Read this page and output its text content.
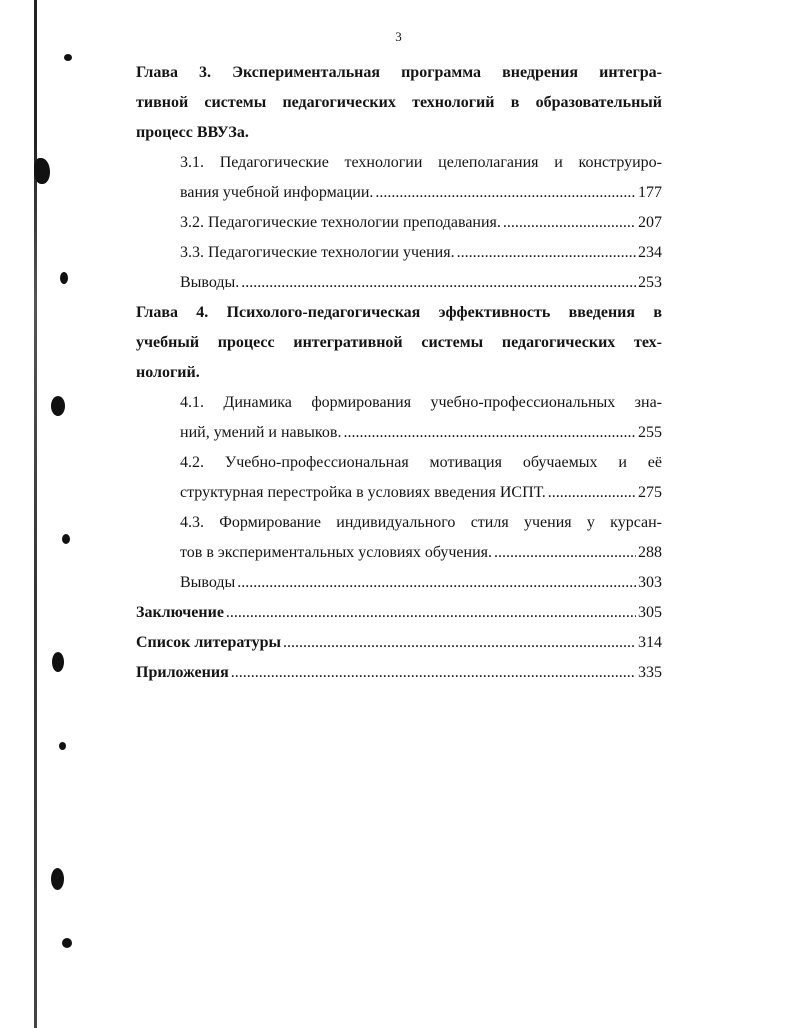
3
Глава 3. Экспериментальная программа внедрения интегра-
тивной системы педагогических технологий в образовательный
процесс ВВУЗа.
3.1. Педагогические технологии целеполагания и конструиро-
вания учебной информации. .....	177
3.2. Педагогические технологии преподавания. .....	207
3.3. Педагогические технологии учения. .....	234
Выводы. .....	253
Глава 4. Психолого-педагогическая эффективность введения в
учебный процесс интегративной системы педагогических тех-
нологий.
4.1. Динамика формирования учебно-профессиональных зна-
ний, умений и навыков. .....	255
4.2. Учебно-профессиональная мотивация обучаемых и её
структурная перестройка в условиях введения ИСПТ. .....	275
4.3. Формирование индивидуального стиля учения у курсан-
тов в экспериментальных условиях обучения. .....	288
Выводы .....	303
Заключение .....	305
Список литературы .....	314
Приложения .....	335
